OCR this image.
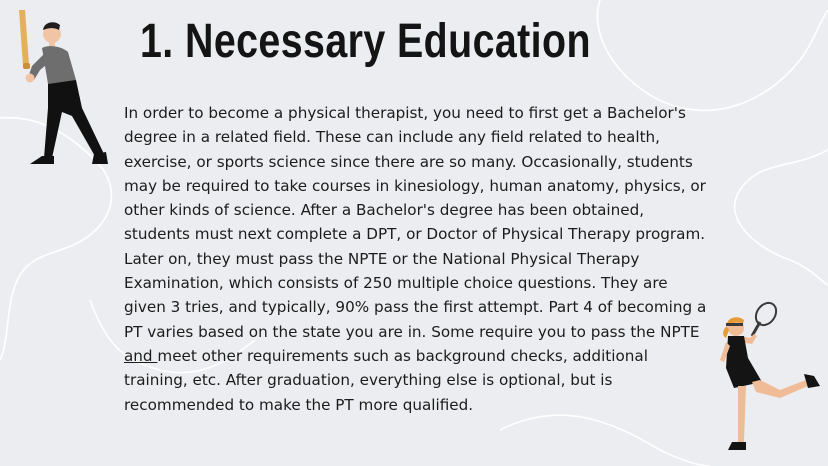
1. Necessary Education

In order to become a physical therapist, you need to first get a Bachelor's degree in a related field. These can include any field related to health, exercise, or sports science since there are so many. Occasionally, students may be required to take courses in kinesiology, human anatomy, physics, or other kinds of science. After a Bachelor's degree has been obtained, students must next complete a DPT, or Doctor of Physical Therapy program. Later on, they must pass the NPTE or the National Physical Therapy Examination, which consists of 250 multiple choice questions. They are given 3 tries, and typically, 90% pass the first attempt. Part 4 of becoming a PT varies based on the state you are in. Some require you to pass the NPTE and meet other requirements such as background checks, additional training, etc. After graduation, everything else is optional, but is recommended to make the PT more qualified.
